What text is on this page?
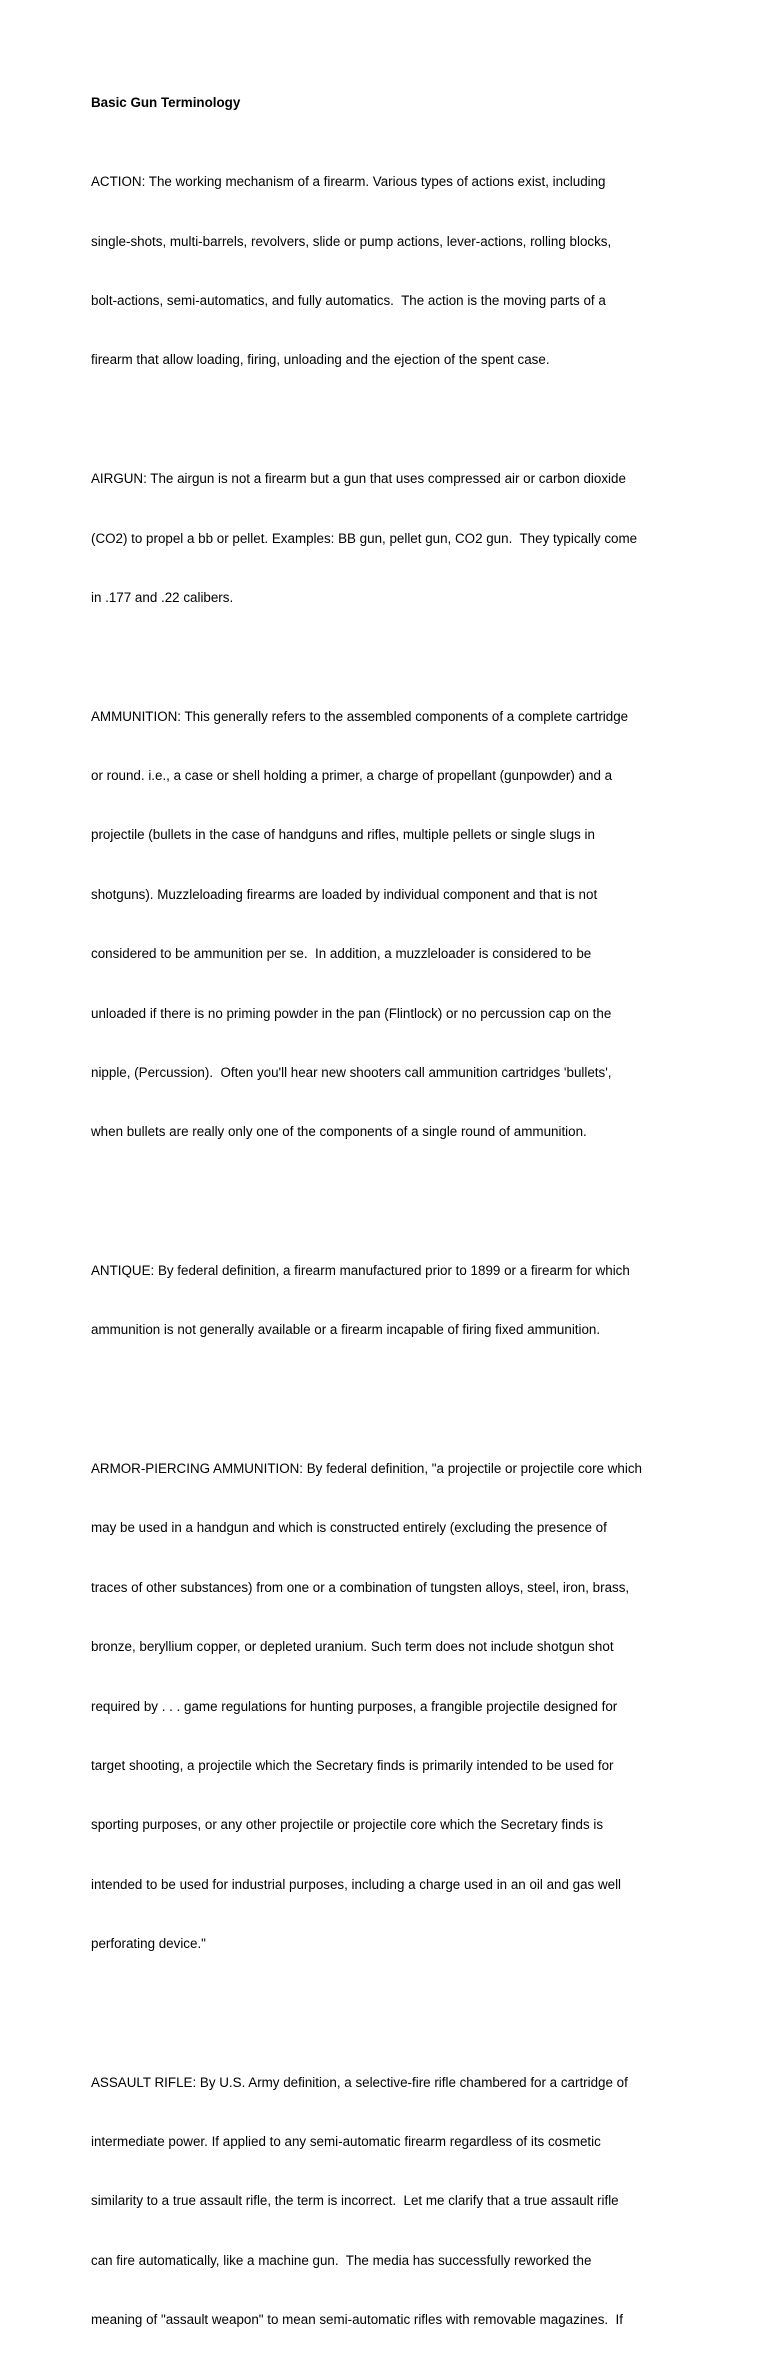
Basic Gun Terminology

ACTION: The working mechanism of a firearm. Various types of actions exist, including

single-shots, multi-barrels, revolvers, slide or pump actions, lever-actions, rolling blocks,

bolt-actions, semi-automatics, and fully automatics.  The action is the moving parts of a

firearm that allow loading, firing, unloading and the ejection of the spent case.

AIRGUN: The airgun is not a firearm but a gun that uses compressed air or carbon dioxide

(CO2) to propel a bb or pellet. Examples: BB gun, pellet gun, CO2 gun.  They typically come

in .177 and .22 calibers.

AMMUNITION: This generally refers to the assembled components of a complete cartridge

or round. i.e., a case or shell holding a primer, a charge of propellant (gunpowder) and a

projectile (bullets in the case of handguns and rifles, multiple pellets or single slugs in

shotguns). Muzzleloading firearms are loaded by individual component and that is not

considered to be ammunition per se.  In addition, a muzzleloader is considered to be

unloaded if there is no priming powder in the pan (Flintlock) or no percussion cap on the

nipple, (Percussion).  Often you'll hear new shooters call ammunition cartridges 'bullets',

when bullets are really only one of the components of a single round of ammunition.

ANTIQUE: By federal definition, a firearm manufactured prior to 1899 or a firearm for which

ammunition is not generally available or a firearm incapable of firing fixed ammunition.

ARMOR-PIERCING AMMUNITION: By federal definition, "a projectile or projectile core which

may be used in a handgun and which is constructed entirely (excluding the presence of

traces of other substances) from one or a combination of tungsten alloys, steel, iron, brass,

bronze, beryllium copper, or depleted uranium. Such term does not include shotgun shot

required by . . . game regulations for hunting purposes, a frangible projectile designed for

target shooting, a projectile which the Secretary finds is primarily intended to be used for

sporting purposes, or any other projectile or projectile core which the Secretary finds is

intended to be used for industrial purposes, including a charge used in an oil and gas well

perforating device."

ASSAULT RIFLE: By U.S. Army definition, a selective-fire rifle chambered for a cartridge of

intermediate power. If applied to any semi-automatic firearm regardless of its cosmetic

similarity to a true assault rifle, the term is incorrect.  Let me clarify that a true assault rifle

can fire automatically, like a machine gun.  The media has successfully reworked the

meaning of "assault weapon" to mean semi-automatic rifles with removable magazines.  If
